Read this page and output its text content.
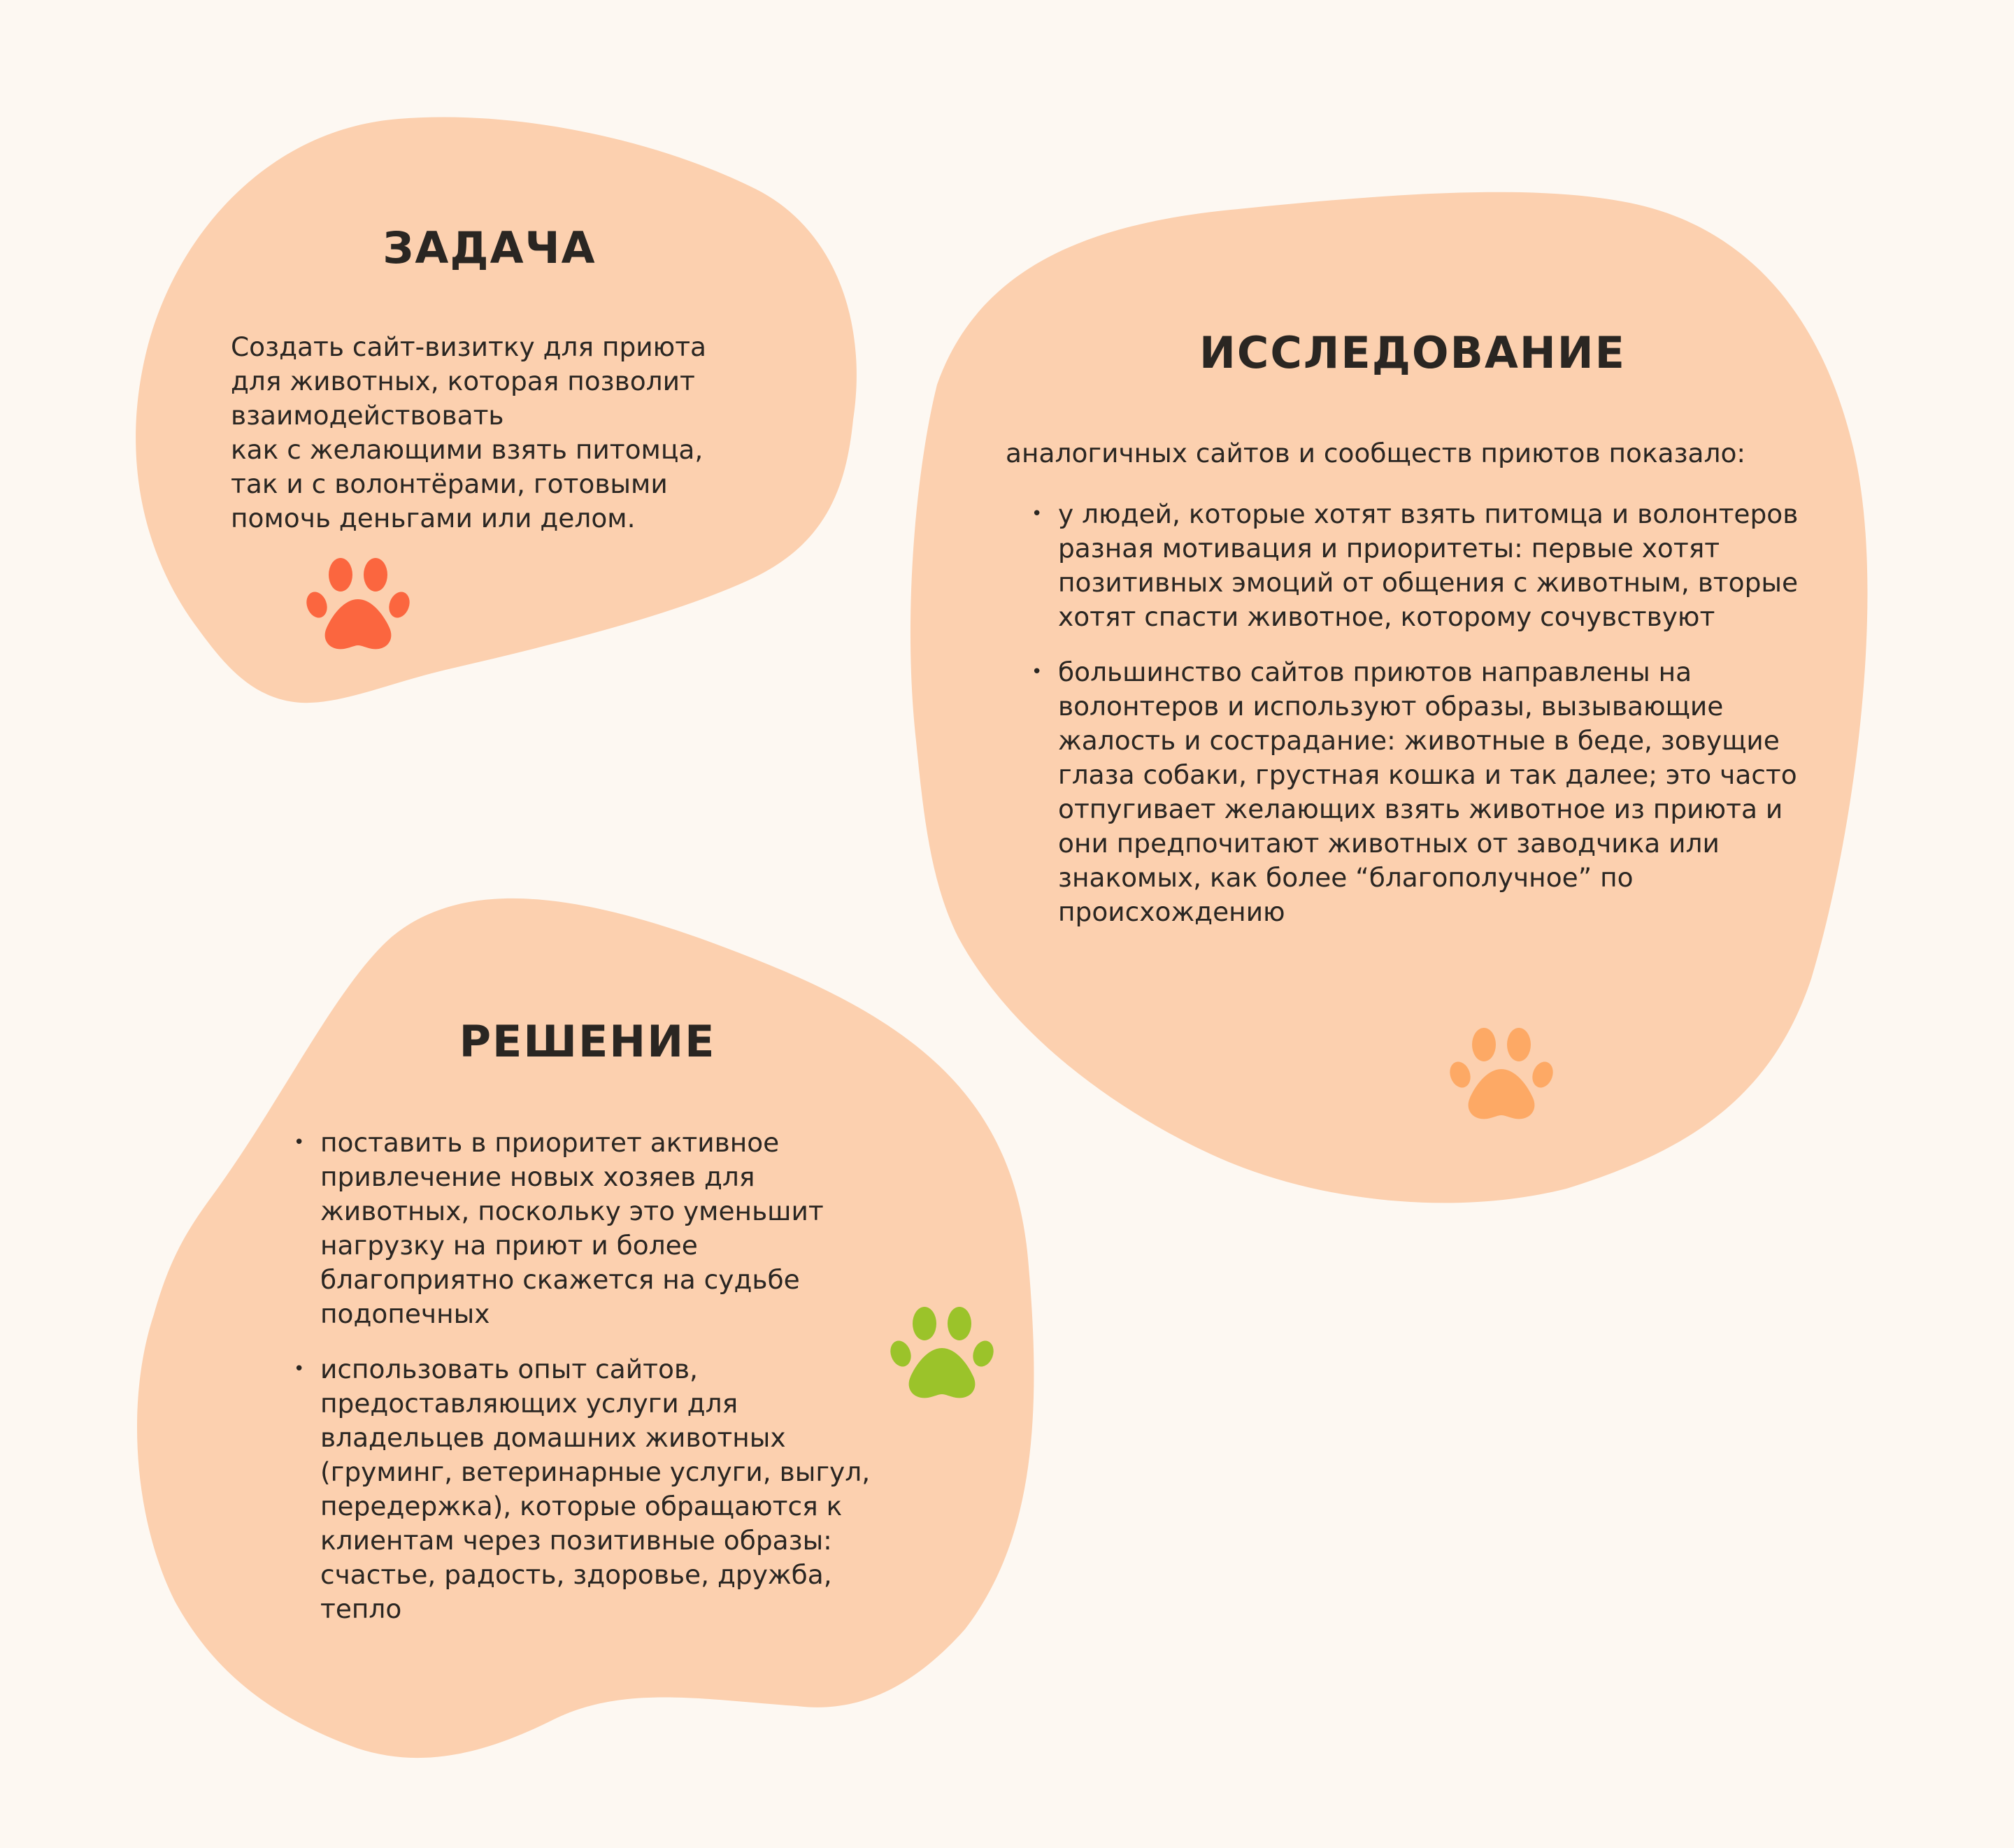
ЗАДАЧА
Создать сайт-визитку для приюта
для животных, которая позволит
взаимодействовать
как с желающими взять питомца,
так и с волонтёрами, готовыми
помочь деньгами или делом.
ИССЛЕДОВАНИЕ

аналогичных сайтов и сообществ приютов показало:

• у людей, которые хотят взять питомца и волонтеров разная мотивация и приоритеты: первые хотят позитивных эмоций от общения с животным, вторые хотят спасти животное, которому сочувствуют
• большинство сайтов приютов направлены на волонтеров и используют образы, вызывающие жалость и сострадание: животные в беде, зовущие глаза собаки, грустная кошка и так далее; это часто отпугивает желающих взять животное из приюта и они предпочитают животных от заводчика или знакомых, как более “благополучное” по происхождению
РЕШЕНИЕ
• поставить в приоритет активное привлечение новых хозяев для животных, поскольку это уменьшит нагрузку на приют и более благоприятно скажется на судьбе подопечных
• использовать опыт сайтов, предоставляющих услуги для владельцев домашних животных (груминг, ветеринарные услуги, выгул, передержка), которые обращаются к клиентам через позитивные образы: счастье, радость, здоровье, дружба, тепло
